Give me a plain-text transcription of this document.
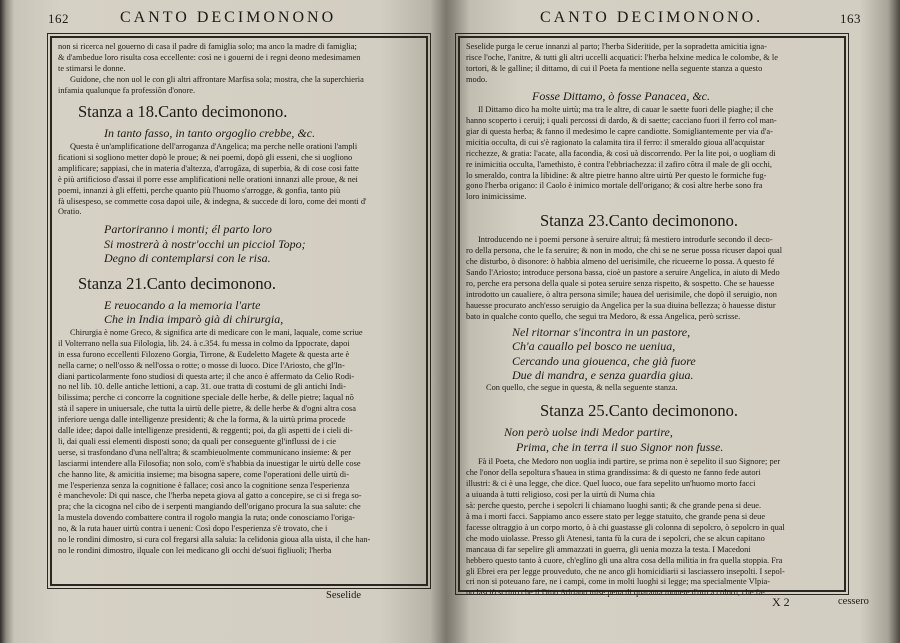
162	CANTO DECIMONONO

non si ricerca nel gouerno di casa il padre di famiglia solo; ma anco la madre di famiglia;

& d'ambedue loro risulta cosa eccellente: così ne i gouerni de i regni deono medesimamen

te stimarsi le donne.

Guidone, che non uol le con gli altri affrontare Marfisa sola; mostra, che la superchieria

infamia qualunque fa professiõn d'onore.

Stanza a 18.Canto decimonono.
In tanto fasso, in tanto orgoglio crebbe, &c.

Questa è un'amplificatione dell'arroganza d'Angelica; ma perche nelle orationi l'ampli

ficationi si sogliono metter dopò le proue; & nei poemi, dopò gli esseni, che si uogliono

amplificare; sappiasi, che in materia d'altezza, d'arrogãza, di superbia, & di cose cosi fatte

è più artificioso d'assai il porre esse amplificationi nelle orationi innanzi alle proue, & nei

poemi, innanzi à gli effetti, perche quanto più l'huomo s'arrogge, & gonfia, tanto più

fà ulisespeso, se commette cosa dapoi uile, & indegna, & succede di loro, come dei monti d'

Oratio.

Partoriranno i monti; él parto loro
Si mostrerà à nostr'occhi un picciol Topo;
Degno di contemplarsi con le risa.
Stanza 21.Canto decimonono.
E reuocando a la memoria l'arte
Che in India imparò già di chirurgia,

Chirurgia è nome Greco, & significa arte di medicare con le mani, laquale, come scriue

il Volterrano nella sua Filologia, lib. 24. à c.354. fu messa in colmo da Ippocrate, dapoi

in essa furono eccellenti Filozeno Gorgia, Tirrone, & Eudeletto Magete & questa arte è

nella carne; o nell'osso & nell'ossa o rotte; o mosse di luoco. Dice l'Ariosto, che gl'In-

diani particolarmente fono studiosi di questa arte; il che anco è affermato da Celio Rodi-

no nel lib. 10. delle antiche lettioni, a cap. 31. oue tratta di costumi de gli antichi Indi-

bilissima; perche ci concorre la cognitione speciale delle herbe, & delle pietre; laqual nõ

stà il sapere in uniuersale, che tutta la uirtù delle pietre, & delle herbe & d'ogni altra cosa

inferiore uenga dalle intelligenze presidenti; & che la forma, & la uirtù prima procede

dalle idee; dapoi dalle intelligenze presidenti, & reggenti; poi, da gli aspetti de i cieli di-

li, dai quali essi elementi disposti sono; da quali per conseguente gl'influssi de i cie

uerse, si trasfondano d'una nell'altra; & scambieuolmente communicano insieme: & per

lasciarmi intendere alla Filosofia; non solo, com'è s'habbia da inuestigar le uirtù delle cose

che hanno lite, & amicitia insieme; ma bisogna sapere, come l'operationi delle uirtù di-

me l'esperienza senza la cognitione è fallace; così anco la cognitione senza l'esperienza

è manchevole: Di qui nasce, che l'herba nepeta giova al gatto a concepire, se ci si frega so-

pra; che la cicogna nel cibo de i serpenti mangiando dell'origano procura la sua salute: che

la mustela dovendo combattere contra il rogolo mangia la ruta; onde conosciamo l'origa-

no, & la ruta hauer uirtù contra i ueneni: Così dopo l'esperienza s'è trovato, che i

no le rondini dimostro, si cura col fregarsi alla saluia: la celidonia gioua alla uista, il che han-

no le rondini dimostro, ilquale con lei medicano gli occhi de'suoi figliuoli; l'herba

Seselide
CANTO DECIMONONO.	163

Seselide purga le cerue innanzi al parto; l'herba Sideritide, per la sopradetta amicitia igna-

risce l'oche, l'anitre, & tutti gli altri uccelli acquatici: l'herba helxine medica le colombe, & le

tortori, & le galline; il dittamo, di cui il Poeta fa mentione nella seguente stanza a questo

modo.

Fosse Dittamo, ò fosse Panacea, &c.

Il Dittamo dico ha molte uirtù; ma tra le altre, di cauar le saette fuori delle piaghe; il che

hanno scoperto i ceruij; i quali percossi di dardo, & di saette; cacciano fuori il ferro col man-

giar di questa herba; & fanno il medesimo le capre candiotte. Somigliantemente per via d'a-

micitia occulta, di cui s'è ragionato la calamita tira il ferro: il smeraldo gioua all'acquistar

ricchezze, & gratia: l'acate, alla facondia, & così uà discorrendo. Per la lite poi, o uogliam di

re inimicitia occulta, l'amethisto, è contra l'ebbriachezza: il zafiro cõtra il male de gli occhi,

lo smeraldo, contra la libidine: & altre pietre hanno altre uirtù Per questo le formiche fug-

gono l'herba origano: il Caolo è inimico mortale dell'origano; & così altre herbe sono fra

loro inimicissime.

Stanza 23.Canto decimonono.

Introducendo ne i poemi persone à seruire altrui; fà mestiero introdurle secondo il deco-

ro della persona, che le fa seruire; & non in modo, che chi se ne serue possa ricuser dapoi qual

che disturbo, ò disonore: ò habbia almeno del uerisimile, che ricueerne lo possa. A questo fé

Sando l'Ariosto; introduce persona bassa, cioè un pastore a seruire Angelica, in aiuto di Medo

ro, perche era persona della quale si potea seruire senza rispetto, & sospetto. Che se hauesse

introdotto un caualiere, ò altra persona simile; hauea del uerisimile, che dopò il seruigio, non

hauesse procurato anch'esso seruigio da Angelica per la sua diuina bellezza; ò hauesse distur

bato in qualche conto quello, che segui tra Medoro, & essa Angelica, però scrisse.

Nel ritornar s'incontra in un pastore,
Ch'a cauallo pel bosco ne ueniua,
Cercando una giouenca, che già fuore
Due di mandra, e senza guardia giua.

Con quello, che segue in questa, & nella seguente stanza.

Stanza 25.Canto decimonono.
Non però uolse indi Medor partire,
Prima, che in terra il suo Signor non fusse.

Fà il Poeta, che Medoro non uoglia indi partire, se prima non è sepelito il suo Signore; per

che l'onor della sepoltura s'hauea in stima grandissima: & di questo ne fanno fede autori

illustri: & ci è una legge, che dice. Quel luoco, oue fara sepelito un'huomo morto facci

a uiuanda à tutti religioso, cosi per la uirtù di Numa chia

sà: perche questo, perche i sepolcri li chiamano luoghi santi; & che grande pena si deue.

à ma i morti facci. Sappiamo anco essere stato per legge statuito, che grande pena si deue

facesse oltraggio à un corpo morto, ò à chi guastasse gli colonna di sepolcro, ò sepolcro in qual

che modo uiolasse. Presso gli Atenesi, tanta fù la cura de i sepolcri, che se alcun capitano

mancaua di far sepelire gli ammazzati in guerra, gli uenia mozza la testa. I Macedoni

hebbero questo tanto à cuore, ch'eglino gli una altra cosa della militia in fra quella stoppia. Fra

gli Ebrei era per legge prouveduto, che ne anco gli homicidiarii si lasciassero insepolti. I sepol-

cri non si poteuano fare, ne i campi, come in molti luoghi si legge; ma specialmente Vlpia-

no lasciò scritto che il Diuo Adriano mise pena di quaranta monete d'oro a coloro, che fa-

X 2	cessero
